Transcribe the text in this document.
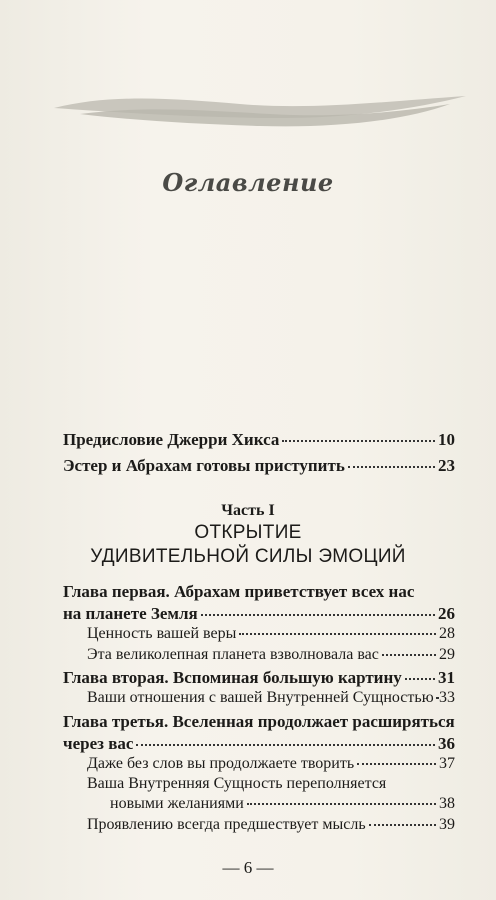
Оглавление
Предисловие Джерри Хикса	10
Эстер и Абрахам готовы приступить	23
Часть I
ОТКРЫТИЕ
УДИВИТЕЛЬНОЙ СИЛЫ ЭМОЦИЙ
Глава первая. Абрахам приветствует всех нас
на планете Земля	26
Ценность вашей веры	28
Эта великолепная планета взволновала вас	29
Глава вторая. Вспоминая большую картину 31
Ваши отношения с вашей Внутренней Сущностью 33
Глава третья. Вселенная продолжает расширяться
через вас	36
Даже без слов вы продолжаете творить	37
Ваша Внутренняя Сущность переполняется
новыми желаниями	38
Проявлению всегда предшествует мысль	39
— 6 —
